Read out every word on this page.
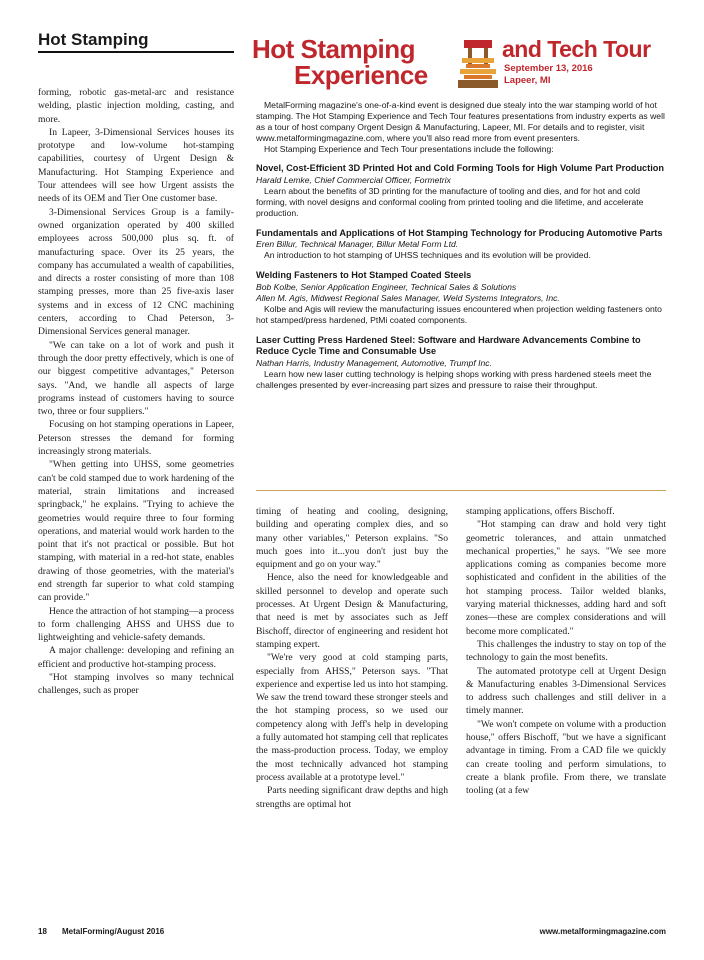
Hot Stamping	Hot Stamping
Experience
and Tech Tour
September 13, 2016
Lapeer, MI

MetalForming magazine's one-of-a-kind event is designed due stealy into the war stamping world of hot stamping. The Hot Stamping Experience and Tech Tour features presentations from industry experts as well as a tour of host company Orgent Design & Manufacturing, Lapeer, MI. For details and to register, visit www.metalformingmagazine.com, where you'll also read more from event presenters.

Hot Stamping Experience and Tech Tour presentations include the following:

Novel, Cost-Efficient 3D Printed Hot and Cold Forming Tools for High Volume Part Production
Harald Lemke, Chief Commercial Officer, Formetrix
Learn about the benefits of 3D printing for the manufacture of tooling and dies, and for hot and cold forming, with novel designs and conformal cooling from printed tooling and die lifetime, and accelerate production.
Fundamentals and Applications of Hot Stamping Technology for Producing Automotive Parts
Eren Billur, Technical Manager, Billur Metal Form Ltd.
An introduction to hot stamping of UHSS techniques and its evolution will be provided.
Welding Fasteners to Hot Stamped Coated Steels
Bob Kolbe, Senior Application Engineer, Technical Sales & Solutions
Allen M. Agis, Midwest Regional Sales Manager, Weld Systems Integrators, Inc.
Kolbe and Agis will review the manufacturing issues encountered when projection welding fasteners onto hot stamped/press hardened, PtMi coated components.
Laser Cutting Press Hardened Steel: Software and Hardware Advancements Combine to Reduce Cycle Time and Consumable Use
Nathan Harris, Industry Management, Automotive, Trumpf Inc.
Learn how new laser cutting technology is helping shops working with press hardened steels meet the challenges presented by ever-increasing part sizes and pressure to raise their throughput.

forming, robotic gas-metal-arc and resistance welding, plastic injection molding, casting, and more.

In Lapeer, 3-Dimensional Services houses its prototype and low-volume hot-stamping capabilities, courtesy of Urgent Design & Manufacturing. Hot Stamping Experience and Tour attendees will see how Urgent assists the needs of its OEM and Tier One customer base.

3-Dimensional Services Group is a family-owned organization operated by 400 skilled employees across 500,000 plus sq. ft. of manufacturing space. Over its 25 years, the company has accumulated a wealth of capabilities, and directs a roster consisting of more than 108 stamping presses, more than 25 five-axis laser systems and in excess of 12 CNC machining centers, according to Chad Peterson, 3-Dimensional Services general manager.

"We can take on a lot of work and push it through the door pretty effectively, which is one of our biggest competitive advantages," Peterson says. "And, we handle all aspects of large programs instead of customers having to source two, three or four suppliers."

Focusing on hot stamping operations in Lapeer, Peterson stresses the demand for forming increasingly strong materials.

"When getting into UHSS, some geometries can't be cold stamped due to work hardening of the material, strain limitations and increased springback," he explains. "Trying to achieve the geometries would require three to four forming operations, and material would work harden to the point that it's not practical or possible. But hot stamping, with material in a red-hot state, enables drawing of those geometries, with the material's end strength far superior to what cold stamping can provide."

Hence the attraction of hot stamping—a process to form challenging AHSS and UHSS due to lightweighting and vehicle-safety demands.

A major challenge: developing and refining an efficient and productive hot-stamping process.

"Hot stamping involves so many technical challenges, such as proper

timing of heating and cooling, designing, building and operating complex dies, and so many other variables," Peterson explains. "So much goes into it...you don't just buy the equipment and go on your way."

Hence, also the need for knowledgeable and skilled personnel to develop and operate such processes. At Urgent Design & Manufacturing, that need is met by associates such as Jeff Bischoff, director of engineering and resident hot stamping expert.

"We're very good at cold stamping parts, especially from AHSS," Peterson says. "That experience and expertise led us into hot stamping. We saw the trend toward these stronger steels and the hot stamping process, so we used our competency along with Jeff's help in developing a fully automated hot stamping cell that replicates the mass-production process. Today, we employ the most technically advanced hot stamping process available at a prototype level."

Parts needing significant draw depths and high strengths are optimal hot

stamping applications, offers Bischoff.

"Hot stamping can draw and hold very tight geometric tolerances, and attain unmatched mechanical properties," he says. "We see more applications coming as companies become more sophisticated and confident in the abilities of the hot stamping process. Tailor welded blanks, varying material thicknesses, adding hard and soft zones—these are complex considerations and will become more complicated."

This challenges the industry to stay on top of the technology to gain the most benefits.

The automated prototype cell at Urgent Design & Manufacturing enables 3-Dimensional Services to address such challenges and still deliver in a timely manner.

"We won't compete on volume with a production house," offers Bischoff, "but we have a significant advantage in timing. From a CAD file we quickly can create tooling and perform simulations, to create a blank profile. From there, we translate tooling (at a few

18 MetalForming/August 2016	www.metalformingmagazine.com
